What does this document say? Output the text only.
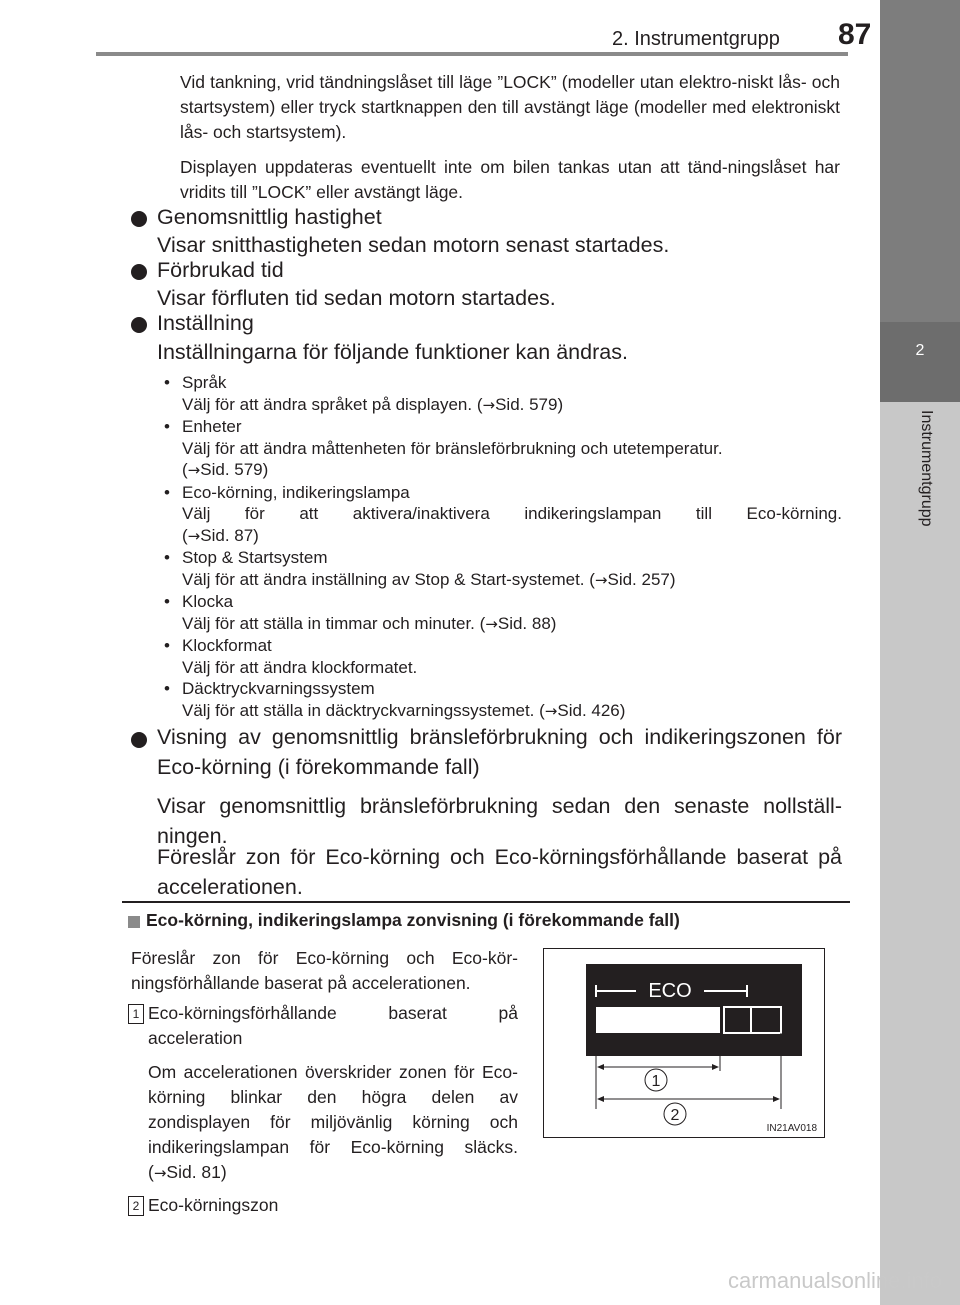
2. Instrumentgrupp 87
2
Instrumentgrupp
Vid tankning, vrid tändningslåset till läge ”LOCK” (modeller utan elektro-niskt lås- och startsystem) eller tryck startknappen den till avstängt läge (modeller med elektroniskt lås- och startsystem).
Displayen uppdateras eventuellt inte om bilen tankas utan att tänd-ningslåset har vridits till ”LOCK” eller avstängt läge.
Genomsnittlig hastighet
Visar snitthastigheten sedan motorn senast startades.
Förbrukad tid
Visar förfluten tid sedan motorn startades.
Inställning
Inställningarna för följande funktioner kan ändras.
• Språk
Välj för att ändra språket på displayen. (→Sid. 579)
• Enheter
Välj för att ändra måttenheten för bränsleförbrukning och utetemperatur.
(→Sid. 579)
• Eco-körning, indikeringslampa
Välj för att aktivera/inaktivera indikeringslampan till Eco-körning.
(→Sid. 87)
• Stop & Startsystem
Välj för att ändra inställning av Stop & Start-systemet. (→Sid. 257)
• Klocka
Välj för att ställa in timmar och minuter. (→Sid. 88)
• Klockformat
Välj för att ändra klockformatet.
• Däcktryckvarningssystem
Välj för att ställa in däcktryckvarningssystemet. (→Sid. 426)
Visning av genomsnittlig bränsleförbrukning och indikeringszonen för Eco-körning (i förekommande fall)
Visar genomsnittlig bränsleförbrukning sedan den senaste nollställ-ningen.
Föreslår zon för Eco-körning och Eco-körningsförhållande baserat på accelerationen.
Eco-körning, indikeringslampa zonvisning (i förekommande fall)
Föreslår zon för Eco-körning och Eco-kör-ningsförhållande baserat på accelerationen.
1 Eco-körningsförhållande baserat på acceleration
Om accelerationen överskrider zonen för Eco-körning blinkar den högra delen av zondisplayen för miljövänlig körning och indikeringslampan för Eco-körning släcks. (→Sid. 81)
2 Eco-körningszon
ECO
1
2
IN21AV018
carmanualsonline.info
